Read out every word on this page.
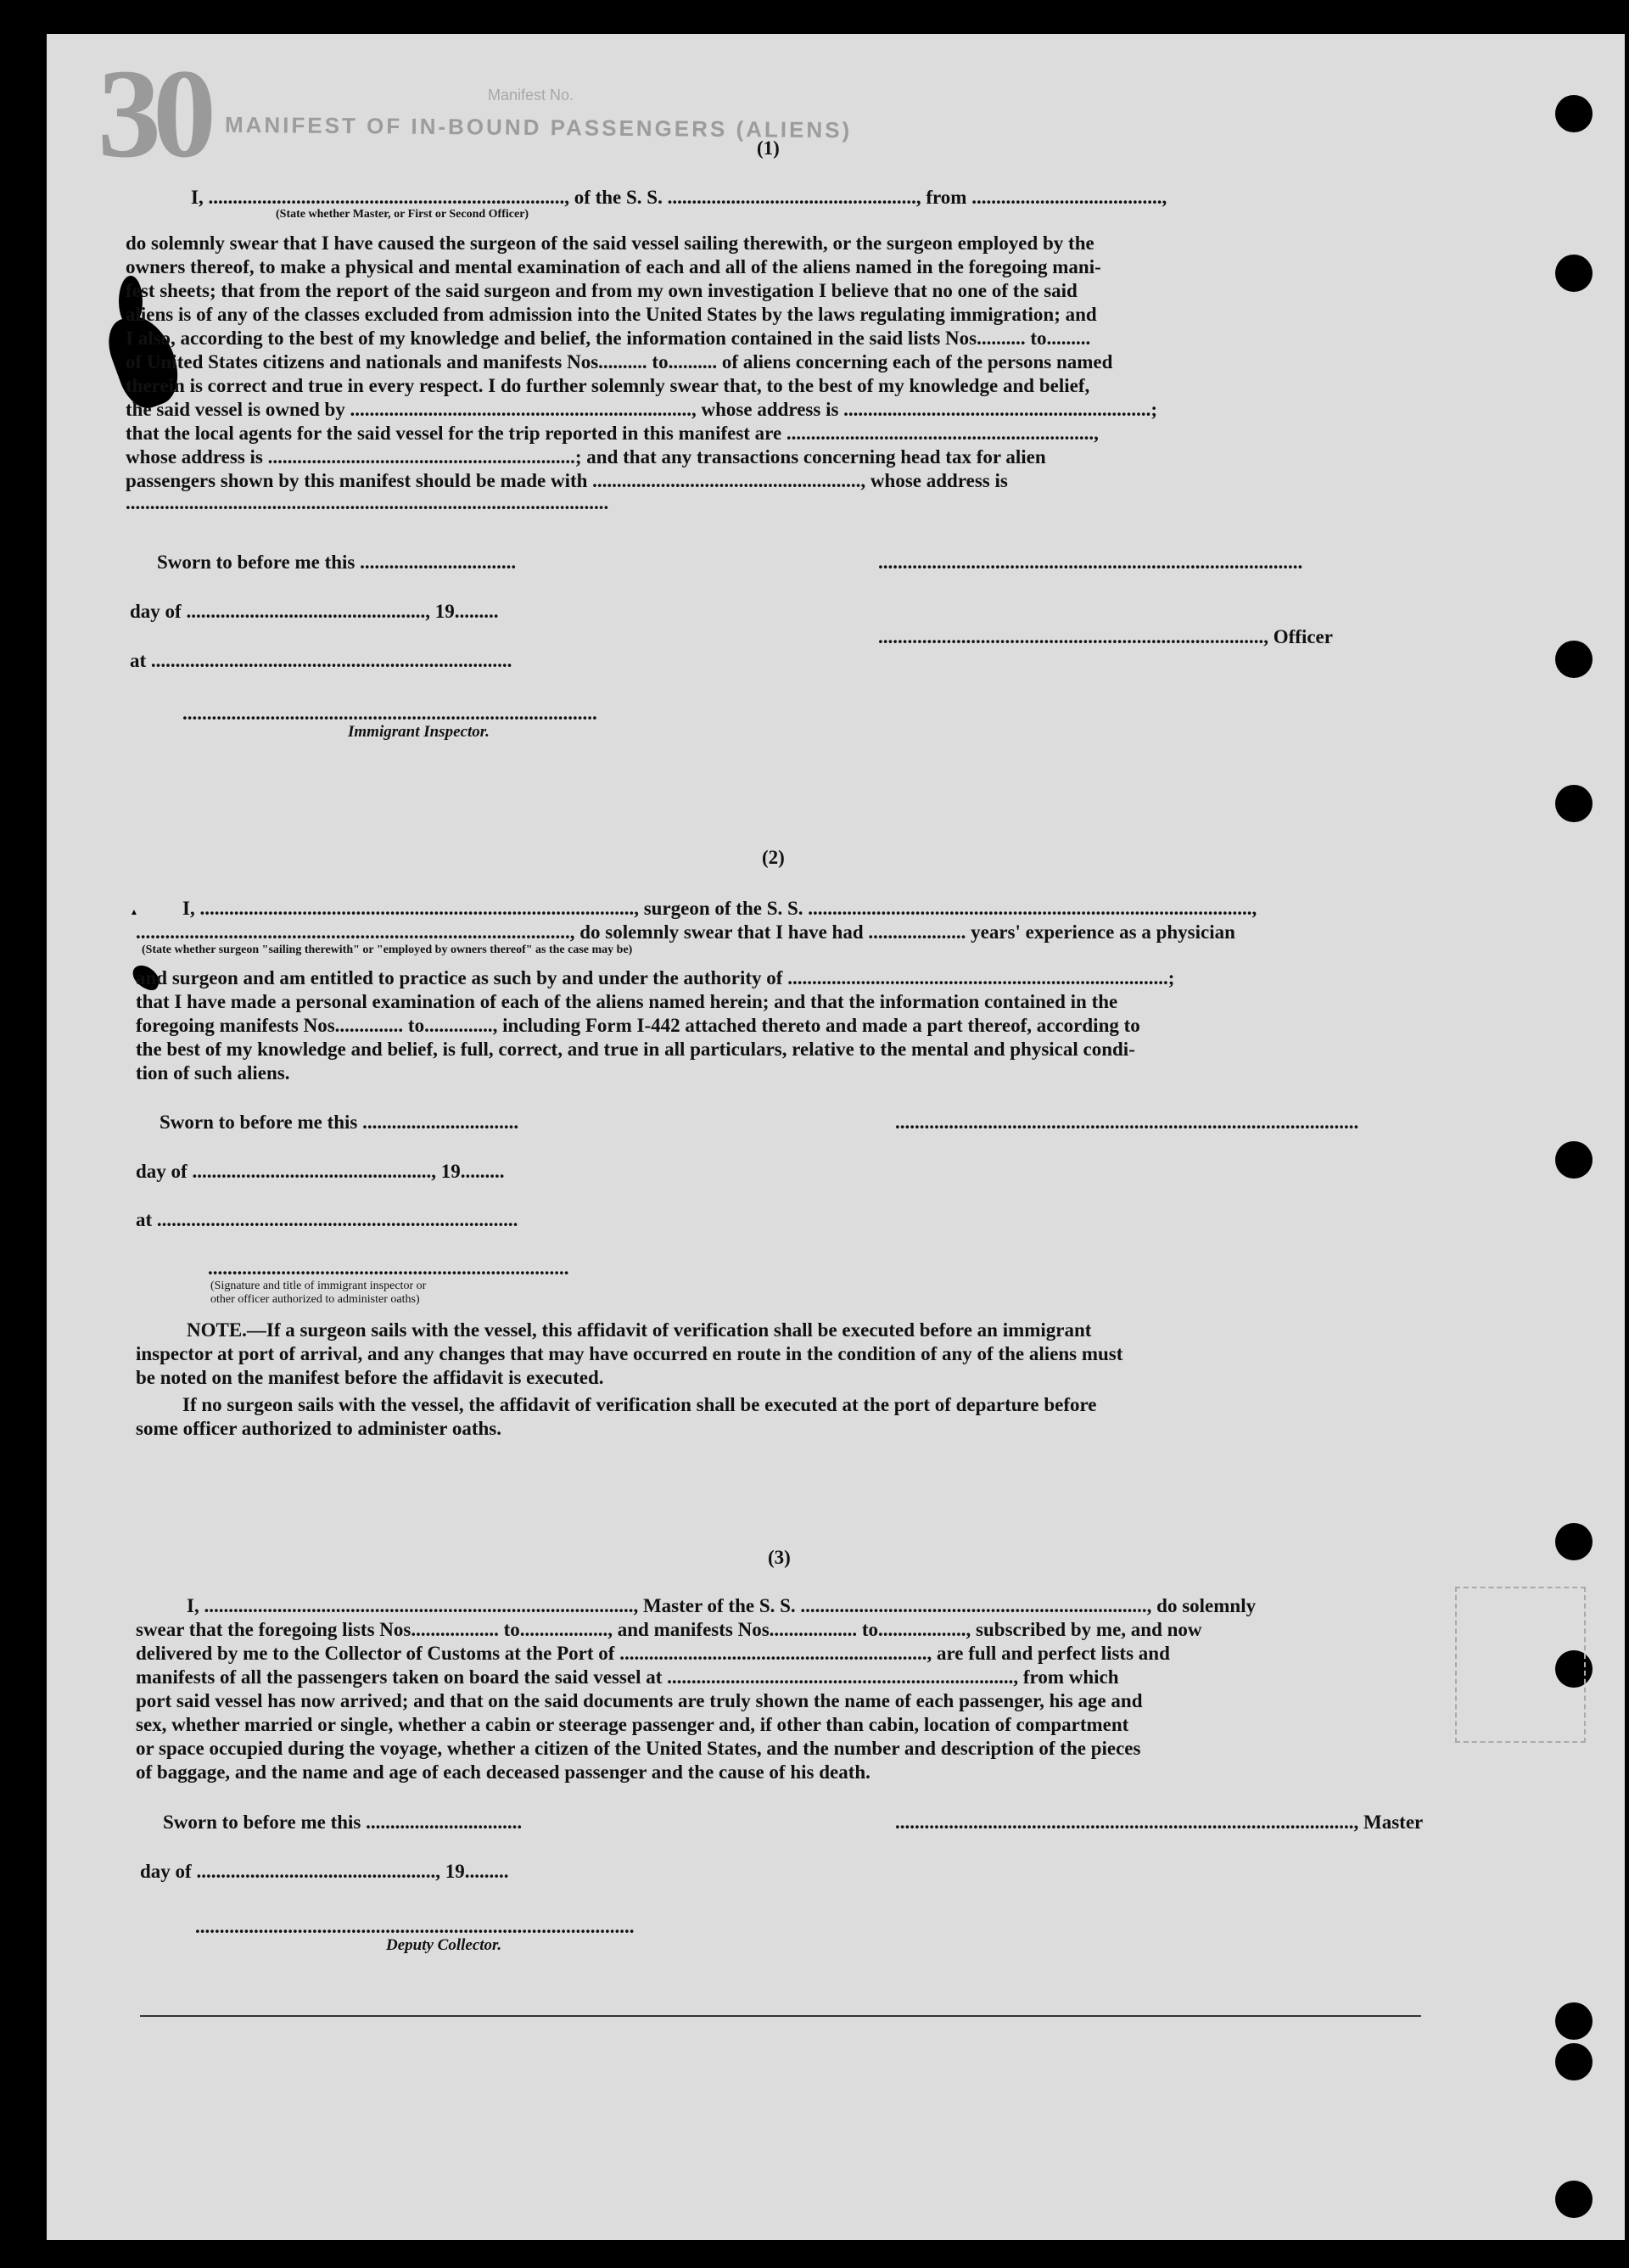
30 MANIFEST OF IN-BOUND PASSENGERS (ALIENS)
Manifest No.
▲
(1)
I, ........................................................................., of the S. S. ..................................................., from .......................................,
(State whether Master, or First or Second Officer)
do solemnly swear that I have caused the surgeon of the said vessel sailing therewith, or the surgeon employed by the
owners thereof, to make a physical and mental examination of each and all of the aliens named in the foregoing mani-
fest sheets; that from the report of the said surgeon and from my own investigation I believe that no one of the said
aliens is of any of the classes excluded from admission into the United States by the laws regulating immigration; and
I also, according to the best of my knowledge and belief, the information contained in the said lists Nos.......... to.........
of United States citizens and nationals and manifests Nos.......... to.......... of aliens concerning each of the persons named
therein is correct and true in every respect. I do further solemnly swear that, to the best of my knowledge and belief,
the said vessel is owned by ......................................................................, whose address is ...............................................................;
that the local agents for the said vessel for the trip reported in this manifest are ...............................................................,
whose address is ...............................................................; and that any transactions concerning head tax for alien
passengers shown by this manifest should be made with ......................................................., whose address is
...................................................................................................
Sworn to before me this ................................	.......................................................................................
day of ................................................., 19.........
..............................................................................., Officer
at ..........................................................................
.....................................................................................
Immigrant Inspector.
(2)
I, ........................................................................................., surgeon of the S. S. ...........................................................................................,
........................................................................................., do solemnly swear that I have had .................... years' experience as a physician
(State whether surgeon "sailing therewith" or "employed by owners thereof" as the case may be)
and surgeon and am entitled to practice as such by and under the authority of ..............................................................................;
that I have made a personal examination of each of the aliens named herein; and that the information contained in the
foregoing manifests Nos.............. to.............., including Form I-442 attached thereto and made a part thereof, according to
the best of my knowledge and belief, is full, correct, and true in all particulars, relative to the mental and physical condi-
tion of such aliens.
Sworn to before me this ................................	...............................................................................................
day of ................................................., 19.........
at ..........................................................................
..........................................................................
(Signature and title of immigrant inspector or
other officer authorized to administer oaths)
NOTE.—If a surgeon sails with the vessel, this affidavit of verification shall be executed before an immigrant
inspector at port of arrival, and any changes that may have occurred en route in the condition of any of the aliens must
be noted on the manifest before the affidavit is executed.
If no surgeon sails with the vessel, the affidavit of verification shall be executed at the port of departure before
some officer authorized to administer oaths.
(3)
I, ........................................................................................, Master of the S. S. ......................................................................., do solemnly
swear that the foregoing lists Nos.................. to.................., and manifests Nos.................. to.................., subscribed by me, and now
delivered by me to the Collector of Customs at the Port of ..............................................................., are full and perfect lists and
manifests of all the passengers taken on board the said vessel at ......................................................................., from which
port said vessel has now arrived; and that on the said documents are truly shown the name of each passenger, his age and
sex, whether married or single, whether a cabin or steerage passenger and, if other than cabin, location of compartment
or space occupied during the voyage, whether a citizen of the United States, and the number and description of the pieces
of baggage, and the name and age of each deceased passenger and the cause of his death.
Sworn to before me this ................................	.............................................................................................., Master
day of ................................................., 19.........
..........................................................................................
Deputy Collector.
